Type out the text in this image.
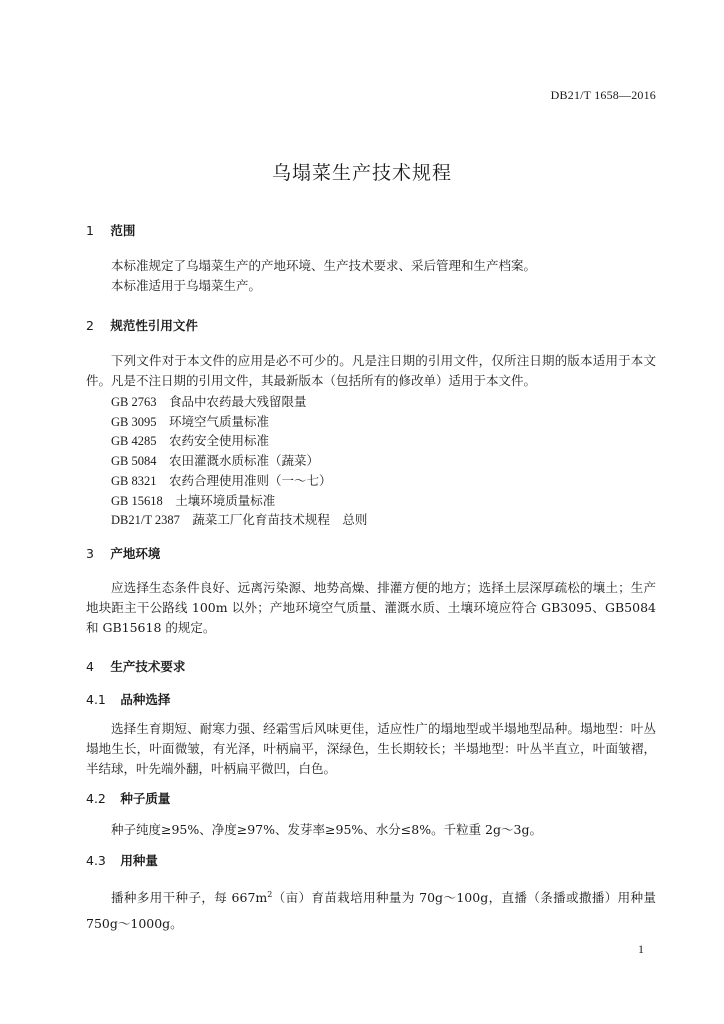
DB21/T 1658—2016
乌塌菜生产技术规程
1 范围
本标准规定了乌塌菜生产的产地环境、生产技术要求、采后管理和生产档案。
本标准适用于乌塌菜生产。
2 规范性引用文件
下列文件对于本文件的应用是必不可少的。凡是注日期的引用文件，仅所注日期的版本适用于本文件。凡是不注日期的引用文件，其最新版本（包括所有的修改单）适用于本文件。
GB 2763　 食品中农药最大残留限量
GB 3095　 环境空气质量标准
GB 4285　 农药安全使用标准
GB 5084　 农田灌溉水质标准（蔬菜）
GB 8321　 农药合理使用准则（一～七）
GB 15618　 土壤环境质量标准
DB21/T 2387　 蔬菜工厂化育苗技术规程　总则
3 产地环境
应选择生态条件良好、远离污染源、地势高燥、排灌方便的地方；选择土层深厚疏松的壤土；生产地块距主干公路线 100m 以外；产地环境空气质量、灌溉水质、土壤环境应符合 GB3095、GB5084 和 GB15618 的规定。
4 生产技术要求
4.1 品种选择
选择生育期短、耐寒力强、经霜雪后风味更佳，适应性广的塌地型或半塌地型品种。塌地型：叶丛塌地生长，叶面微皱，有光泽，叶柄扁平，深绿色，生长期较长；半塌地型：叶丛半直立，叶面皱褶，半结球，叶先端外翻，叶柄扁平微凹，白色。
4.2 种子质量
种子纯度≥95%、净度≥97%、发芽率≥95%、水分≤8%。千粒重 2g～3g。
4.3 用种量
播种多用干种子，每 $667m^2$（亩）育苗栽培用种量为 70g～100g，直播（条播或撒播）用种量 750g～1000g。
1
